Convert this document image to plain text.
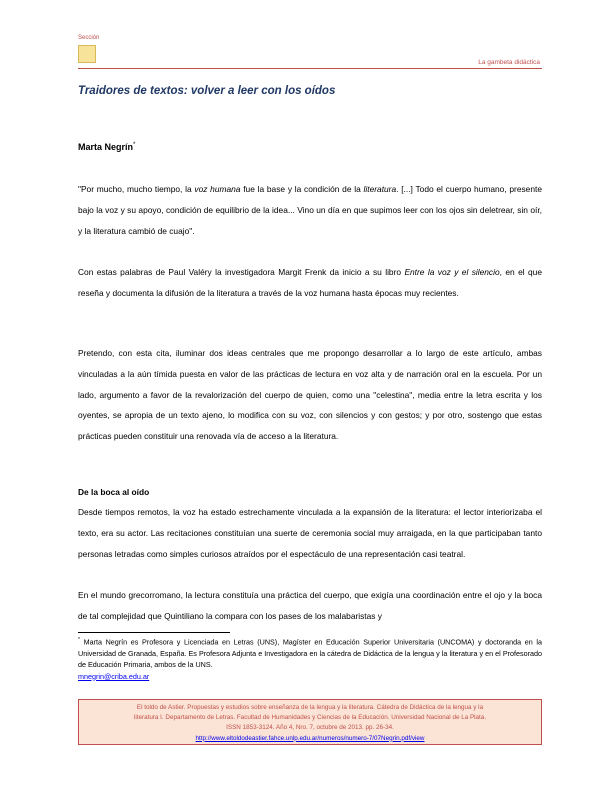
Sección
La gambeta didáctica
Traidores de textos: volver a leer con los oídos
Marta Negrín*
"Por mucho, mucho tiempo, la voz humana fue la base y la condición de la literatura. [...] Todo el cuerpo humano, presente bajo la voz y su apoyo, condición de equilibrio de la idea... Vino un día en que supimos leer con los ojos sin deletrear, sin oír, y la literatura cambió de cuajo".
Con estas palabras de Paul Valéry la investigadora Margit Frenk da inicio a su libro Entre la voz y el silencio, en el que reseña y documenta la difusión de la literatura a través de la voz humana hasta épocas muy recientes.
Pretendo, con esta cita, iluminar dos ideas centrales que me propongo desarrollar a lo largo de este artículo, ambas vinculadas a la aún tímida puesta en valor de las prácticas de lectura en voz alta y de narración oral en la escuela. Por un lado, argumento a favor de la revalorización del cuerpo de quien, como una "celestina", media entre la letra escrita y los oyentes, se apropia de un texto ajeno, lo modifica con su voz, con silencios y con gestos; y por otro, sostengo que estas prácticas pueden constituir una renovada vía de acceso a la literatura.
De la boca al oído
Desde tiempos remotos, la voz ha estado estrechamente vinculada a la expansión de la literatura: el lector interiorizaba el texto, era su actor. Las recitaciones constituían una suerte de ceremonia social muy arraigada, en la que participaban tanto personas letradas como simples curiosos atraídos por el espectáculo de una representación casi teatral.
En el mundo grecorromano, la lectura constituía una práctica del cuerpo, que exigía una coordinación entre el ojo y la boca de tal complejidad que Quintiliano la compara con los pases de los malabaristas y
* Marta Negrín es Profesora y Licenciada en Letras (UNS), Magíster en Educación Superior Universitaria (UNCOMA) y doctoranda en la Universidad de Granada, España. Es Profesora Adjunta e Investigadora en la cátedra de Didáctica de la lengua y la literatura y en el Profesorado de Educación Primaria, ambos de la UNS.
mnegrin@criba.edu.ar
El toldo de Astier. Propuestas y estudios sobre enseñanza de la lengua y la literatura. Cátedra de Didáctica de la lengua y la
literatura I. Departamento de Letras. Facultad de Humanidades y Ciencias de la Educación. Universidad Nacional de La Plata.
ISSN 1853-3124. Año 4, Nro. 7, octubre de 2013. pp. 26-34.
http://www.eltoldodeastier.fahce.unlp.edu.ar/numeros/numero-7/07Negrin.pdf/view
